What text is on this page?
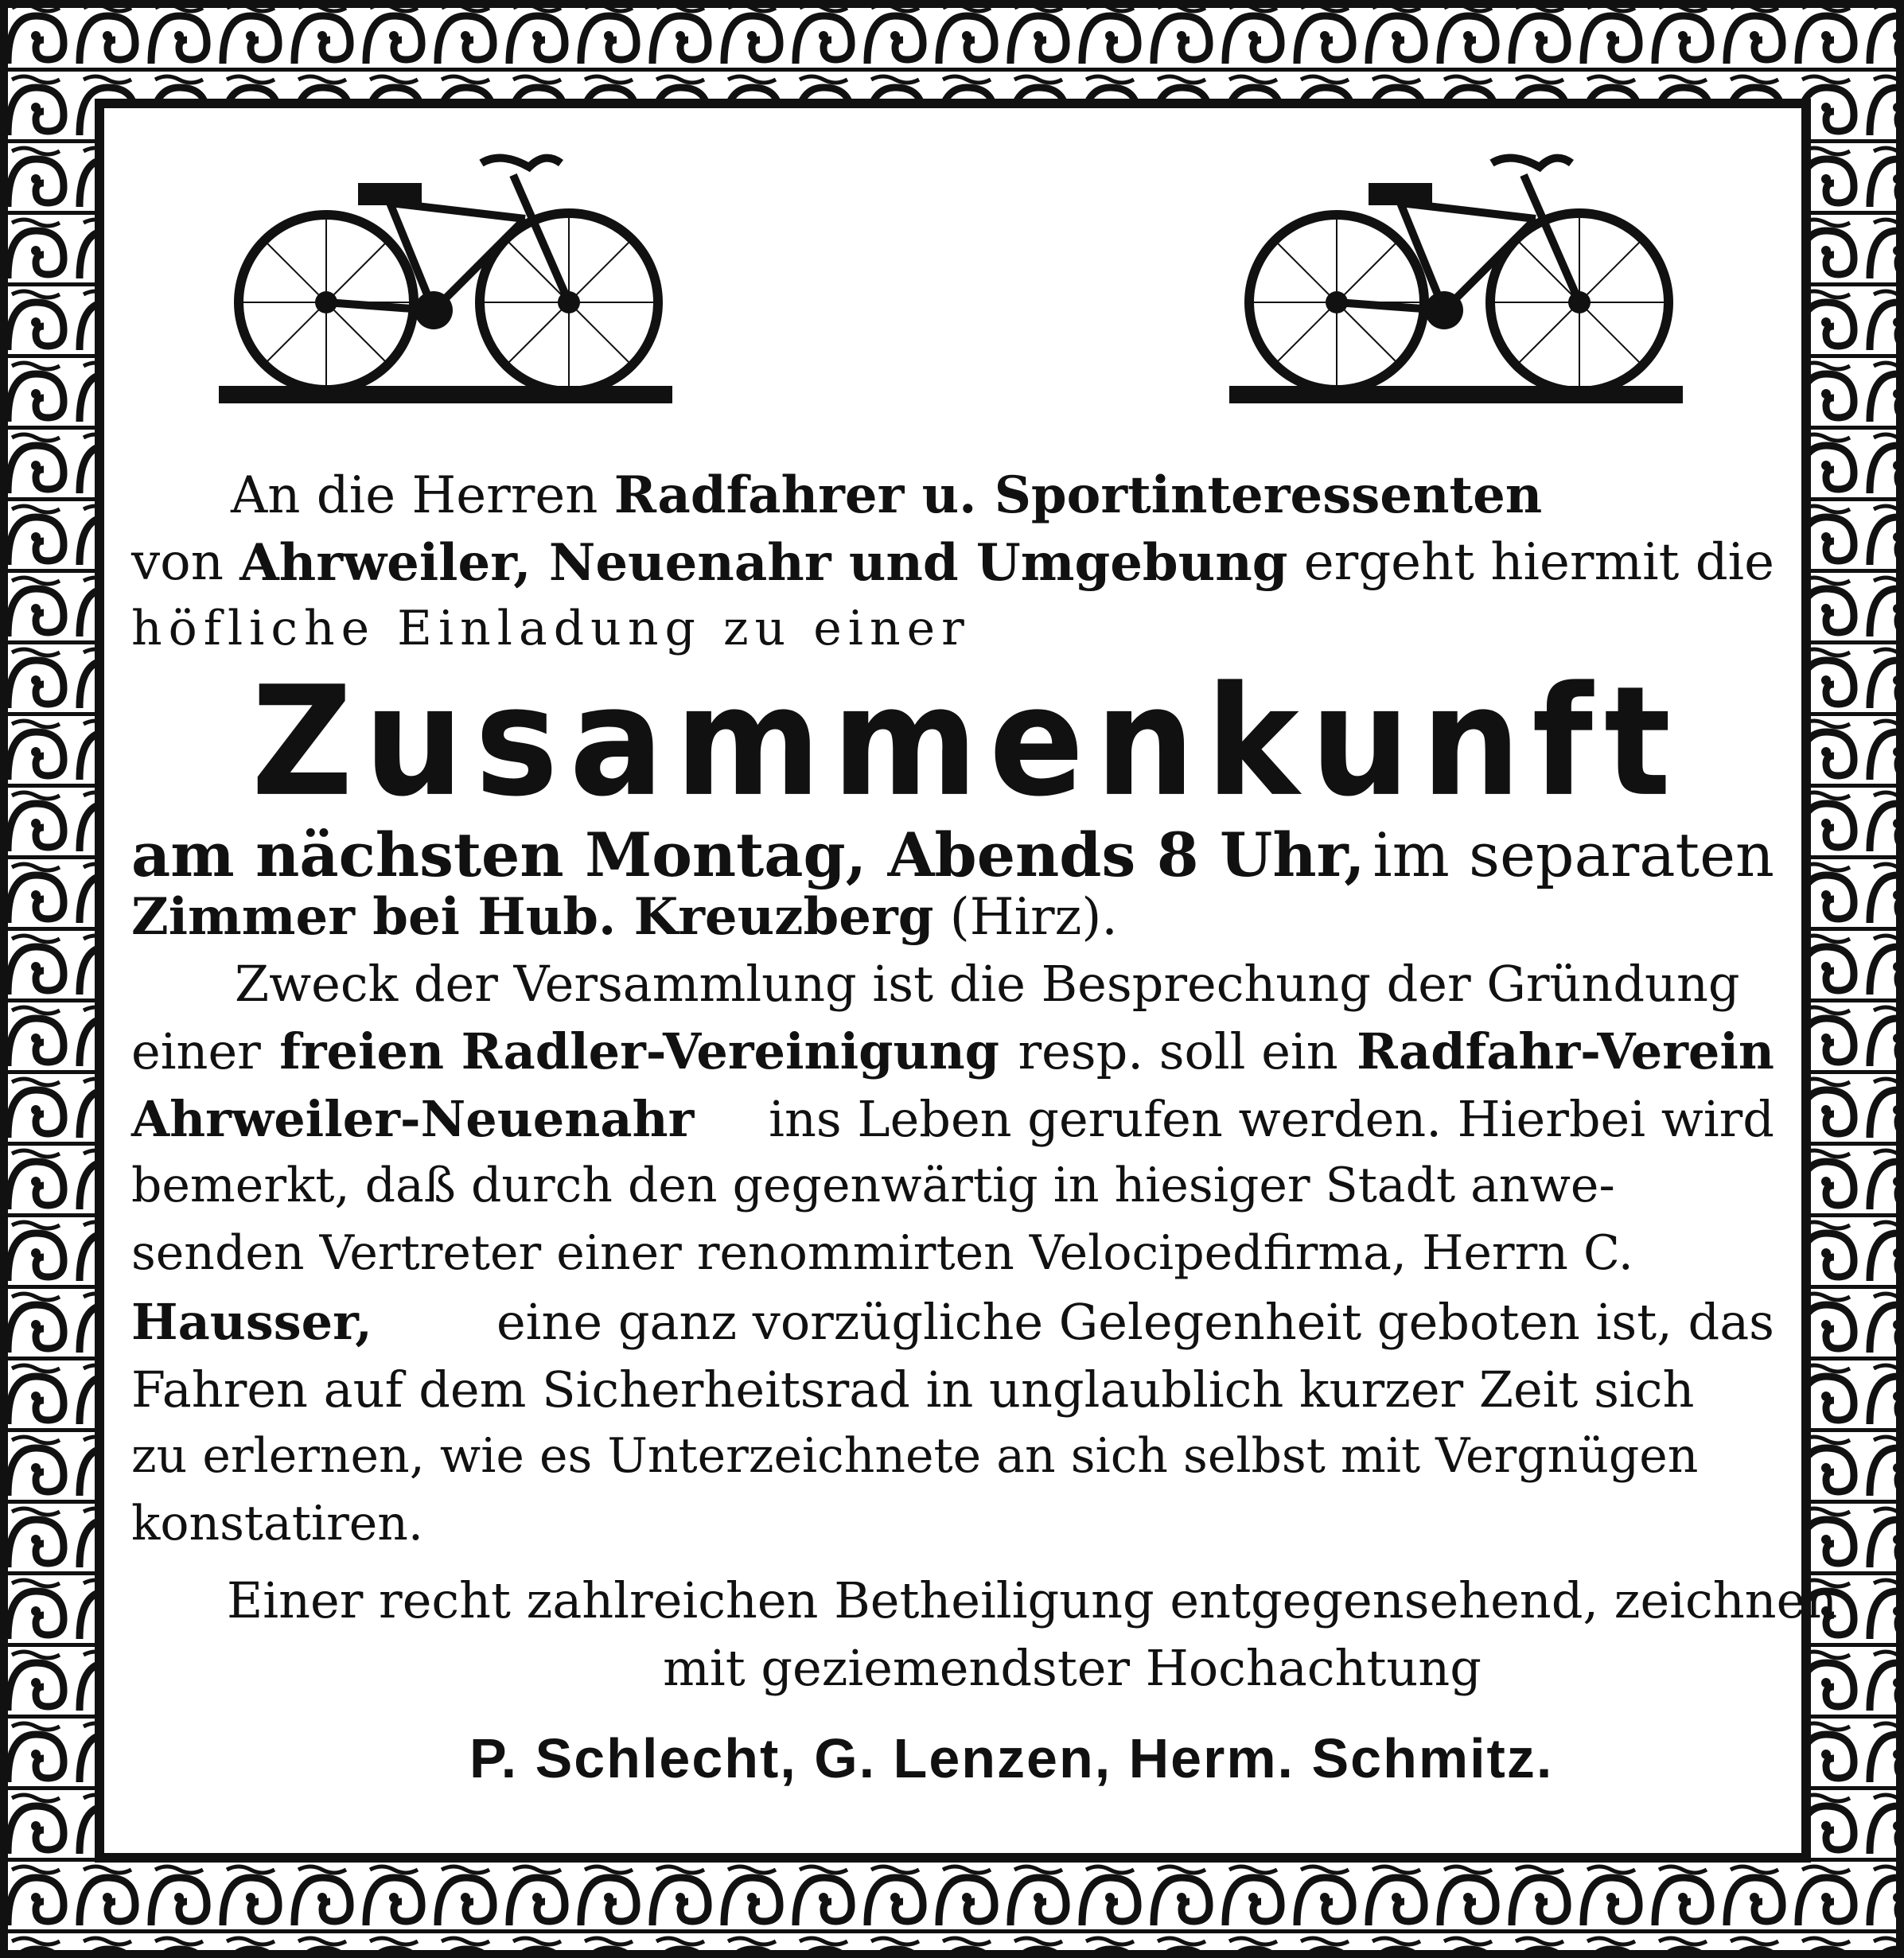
An die Herren Radfahrer u. Sportinteressenten
von Ahrweiler, Neuenahr und Umgebung ergeht hiermit die
höfliche Einladung zu einer
Zusammenkunft
am nächsten Montag, Abends 8 Uhr, im separaten
Zimmer bei Hub. Kreuzberg (Hirz).
Zweck der Versammlung ist die Besprechung der Gründung
einer freien Radler-Vereinigung resp. soll ein Radfahr-Verein
Ahrweiler-Neuenahr ins Leben gerufen werden. Hierbei wird
bemerkt, daß durch den gegenwärtig in hiesiger Stadt anwe-
senden Vertreter einer renommirten Velocipedfirma, Herrn C.
Hausser,	eine ganz vorzügliche Gelegenheit geboten ist, das
Fahren auf dem Sicherheitsrad in unglaublich kurzer Zeit sich
zu erlernen, wie es Unterzeichnete an sich selbst mit Vergnügen
konstatiren.
Einer recht zahlreichen Betheiligung entgegensehend, zeichnen
mit geziemendster Hochachtung
P. Schlecht, G. Lenzen, Herm. Schmitz.
